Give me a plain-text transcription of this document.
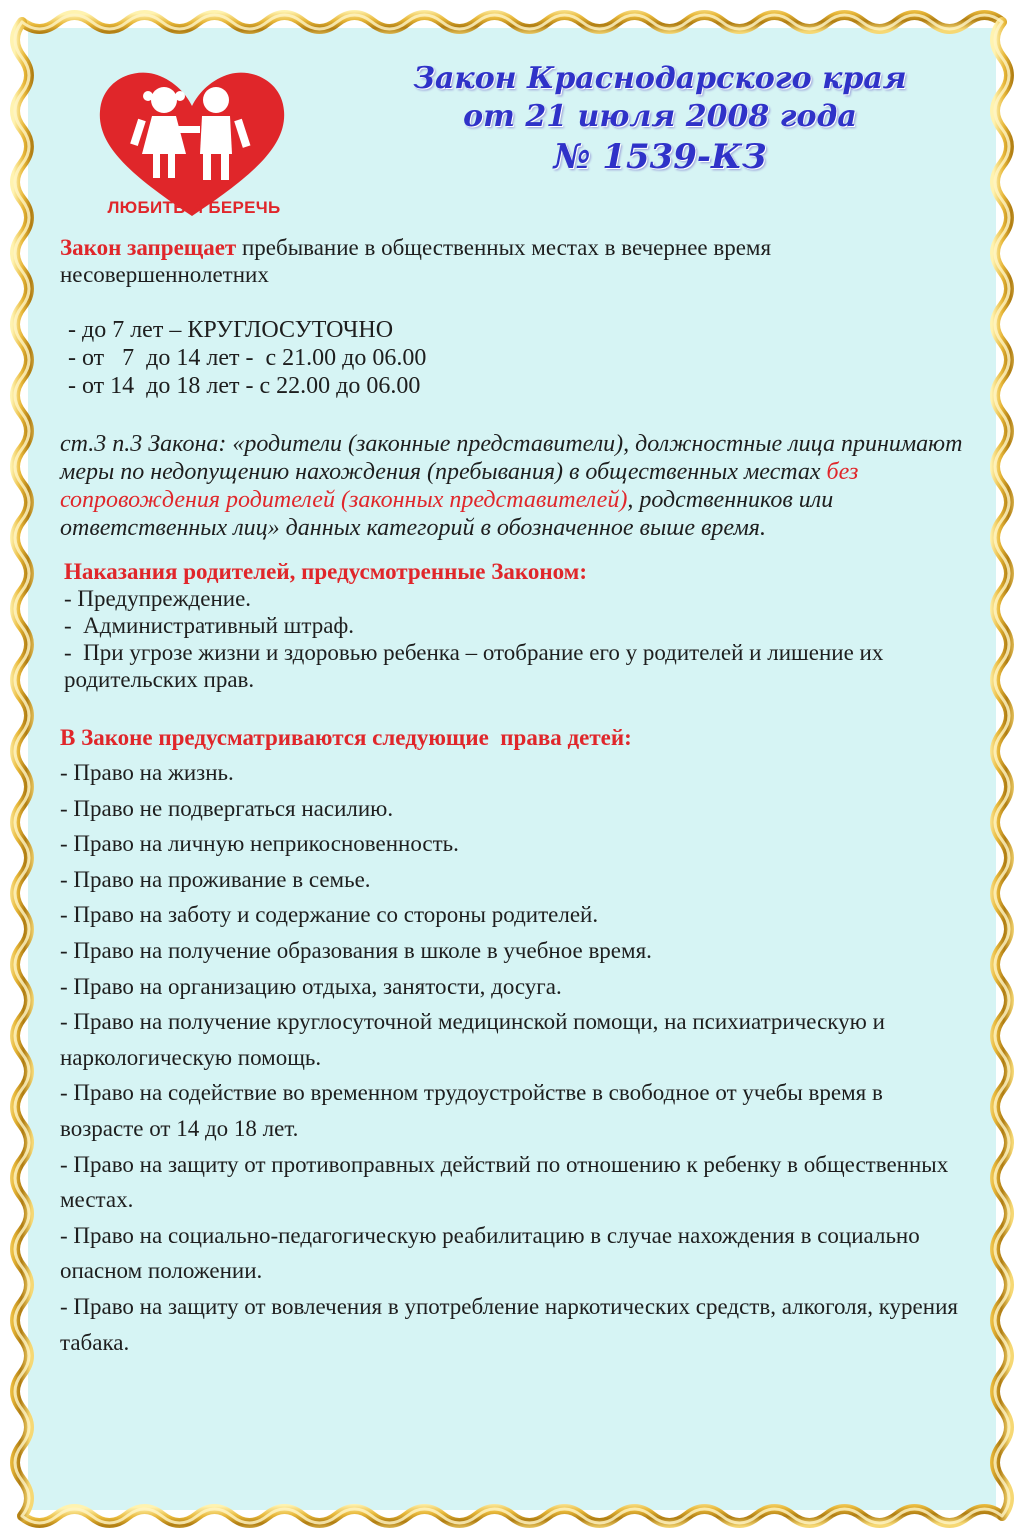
ЛЮБИТЬ И БЕРЕЧЬ
Закон Краснодарского края
от 21 июля 2008 года
№ 1539-КЗ

Закон запрещает пребывание в общественных местах в вечернее время несовершеннолетних

- до 7 лет – КРУГЛОСУТОЧНО
- от   7  до 14 лет -  с 21.00 до 06.00
- от 14  до 18 лет - с 22.00 до 06.00

ст.3 п.3 Закона: «родители (законные представители), должностные лица принимают меры по недопущению нахождения (пребывания) в общественных местах без сопровождения родителей (законных представителей), родственников или ответственных лиц» данных категорий в обозначенное выше время.

Наказания родителей, предусмотренные Законом:
- Предупреждение.
-  Административный штраф.
-  При угрозе жизни и здоровью ребенка – отобрание его у родителей и лишение их родительских прав.
В Законе предусматриваются следующие  права детей:
- Право на жизнь.
- Право не подвергаться насилию.
- Право на личную неприкосновенность.
- Право на проживание в семье.
- Право на заботу и содержание со стороны родителей.
- Право на получение образования в школе в учебное время.
- Право на организацию отдыха, занятости, досуга.
- Право на получение круглосуточной медицинской помощи, на психиатрическую и наркологическую помощь.
- Право на содействие во временном трудоустройстве в свободное от учебы время в возрасте от 14 до 18 лет.
- Право на защиту от противоправных действий по отношению к ребенку в общественных местах.
- Право на социально-педагогическую реабилитацию в случае нахождения в социально опасном положении.
- Право на защиту от вовлечения в употребление наркотических средств, алкоголя, курения табака.
